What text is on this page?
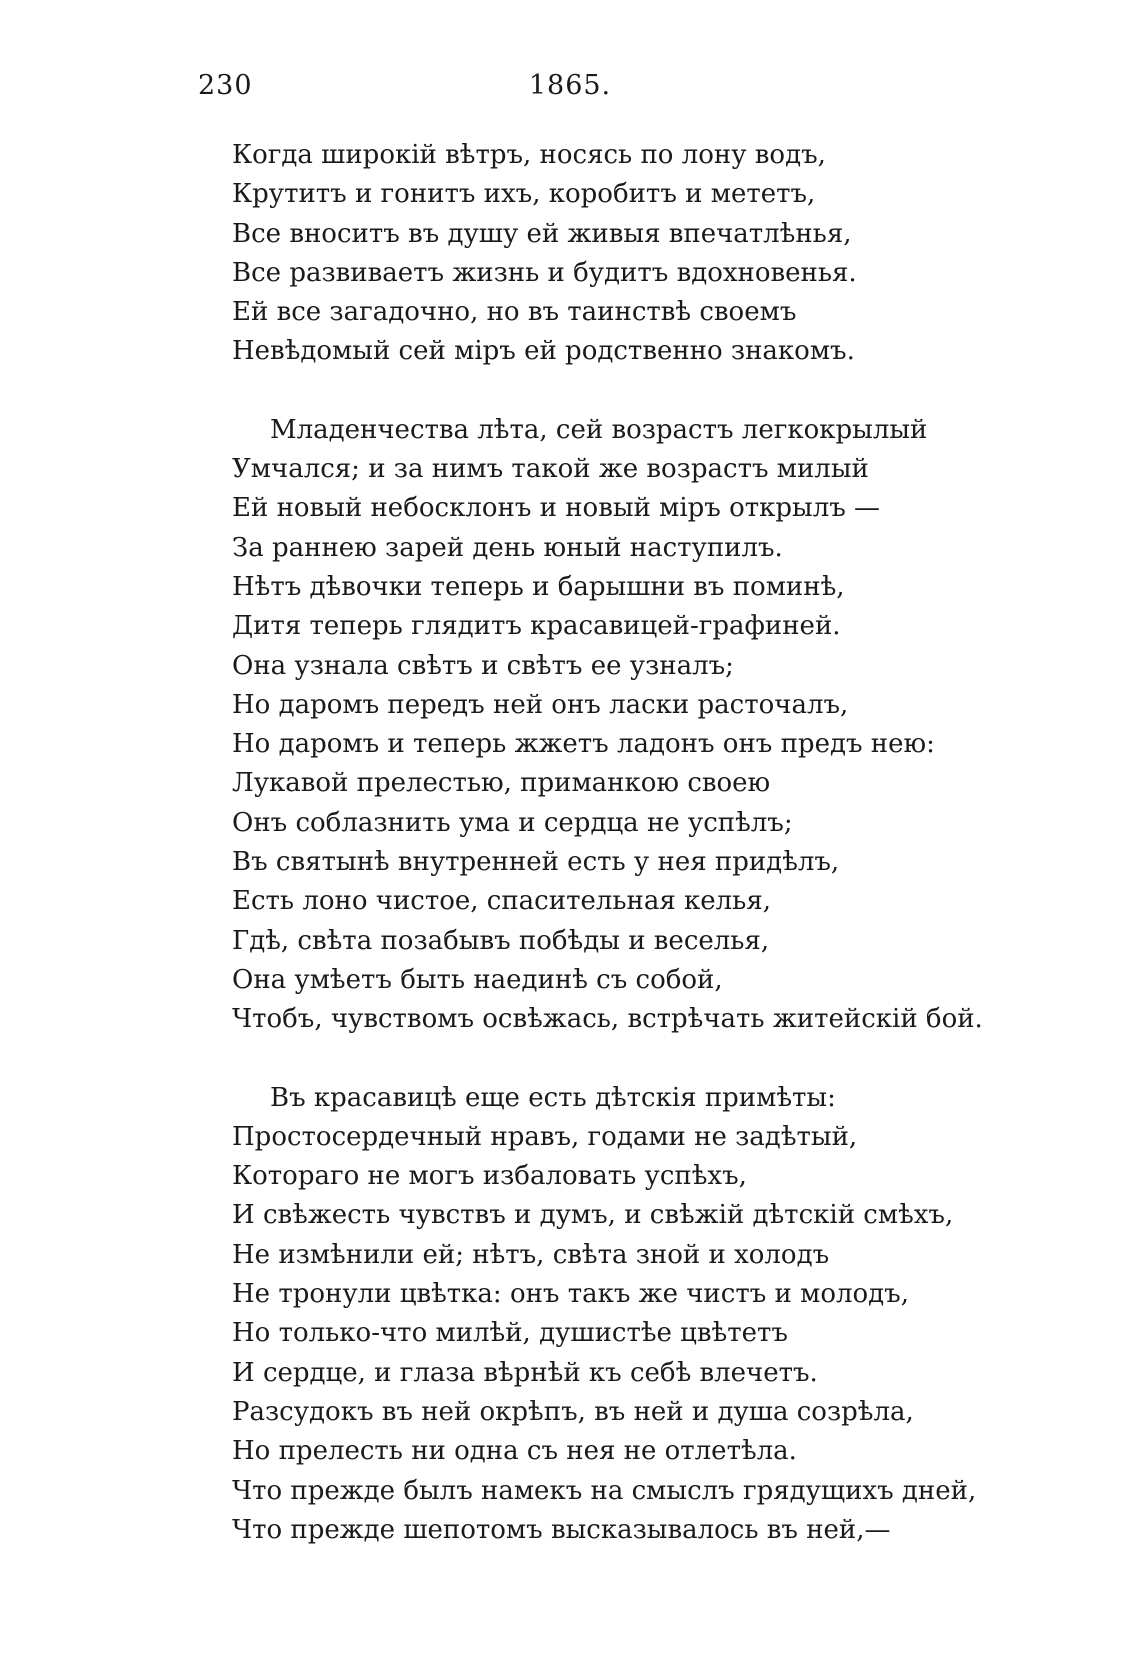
230	1865.
Когда широкій вѣтръ, носясь по лону водъ,
Крутитъ и гонитъ ихъ, коробитъ и мететъ,
Все вноситъ въ душу ей живыя впечатлѣнья,
Все развиваетъ жизнь и будитъ вдохновенья.
Ей все загадочно, но въ таинствѣ своемъ
Невѣдомый сей міръ ей родственно знакомъ.
Младенчества лѣта, сей возрастъ легкокрылый
Умчался; и за нимъ такой же возрастъ милый
Ей новый небосклонъ и новый міръ открылъ —
За раннею зарей день юный наступилъ.
Нѣтъ дѣвочки теперь и барышни въ поминѣ,
Дитя теперь глядитъ красавицей-графиней.
Она узнала свѣтъ и свѣтъ ее узналъ;
Но даромъ передъ ней онъ ласки расточалъ,
Но даромъ и теперь жжетъ ладонъ онъ предъ нею:
Лукавой прелестью, приманкою своею
Онъ соблазнить ума и сердца не успѣлъ;
Въ святынѣ внутренней есть у нея придѣлъ,
Есть лоно чистое, спасительная келья,
Гдѣ, свѣта позабывъ побѣды и веселья,
Она умѣетъ быть наединѣ съ собой,
Чтобъ, чувствомъ освѣжась, встрѣчать житейскій бой.
Въ красавицѣ еще есть дѣтскія примѣты:
Простосердечный нравъ, годами не задѣтый,
Котораго не могъ избаловать успѣхъ,
И свѣжесть чувствъ и думъ, и свѣжій дѣтскій смѣхъ,
Не измѣнили ей; нѣтъ, свѣта зной и холодъ
Не тронули цвѣтка: онъ такъ же чистъ и молодъ,
Но только-что милѣй, душистѣе цвѣтетъ
И сердце, и глаза вѣрнѣй къ себѣ влечетъ.
Разсудокъ въ ней окрѣпъ, въ ней и душа созрѣла,
Но прелесть ни одна съ нея не отлетѣла.
Что прежде былъ намекъ на смыслъ грядущихъ дней,
Что прежде шепотомъ высказывалось въ ней,—
